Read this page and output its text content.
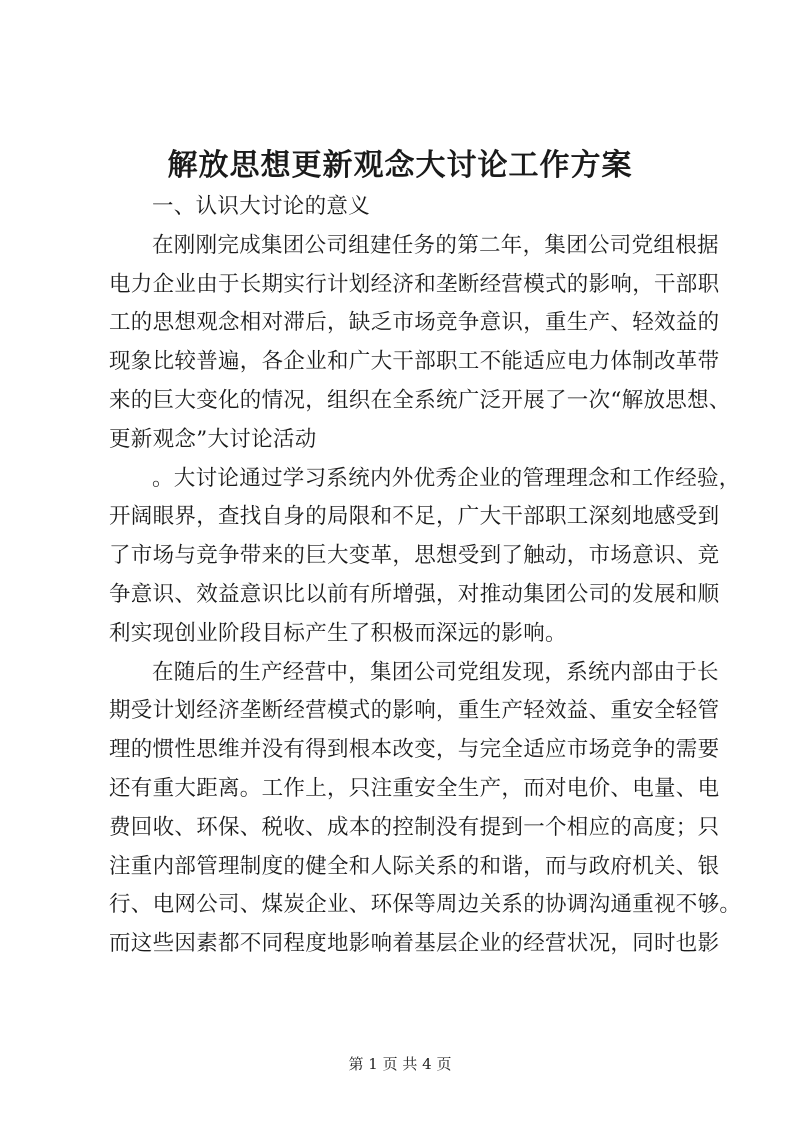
解放思想更新观念大讨论工作方案
一、认识大讨论的意义
在刚刚完成集团公司组建任务的第二年，集团公司党组根据
电力企业由于长期实行计划经济和垄断经营模式的影响，干部职
工的思想观念相对滞后，缺乏市场竞争意识，重生产、轻效益的
现象比较普遍，各企业和广大干部职工不能适应电力体制改革带
来的巨大变化的情况，组织在全系统广泛开展了一次“解放思想、
更新观念”大讨论活动
。大讨论通过学习系统内外优秀企业的管理理念和工作经验，
开阔眼界，查找自身的局限和不足，广大干部职工深刻地感受到
了市场与竞争带来的巨大变革，思想受到了触动，市场意识、竞
争意识、效益意识比以前有所增强，对推动集团公司的发展和顺
利实现创业阶段目标产生了积极而深远的影响。
在随后的生产经营中，集团公司党组发现，系统内部由于长
期受计划经济垄断经营模式的影响，重生产轻效益、重安全轻管
理的惯性思维并没有得到根本改变，与完全适应市场竞争的需要
还有重大距离。工作上，只注重安全生产，而对电价、电量、电
费回收、环保、税收、成本的控制没有提到一个相应的高度；只
注重内部管理制度的健全和人际关系的和谐，而与政府机关、银
行、电网公司、煤炭企业、环保等周边关系的协调沟通重视不够。
而这些因素都不同程度地影响着基层企业的经营状况，同时也影
第 1 页 共 4 页
